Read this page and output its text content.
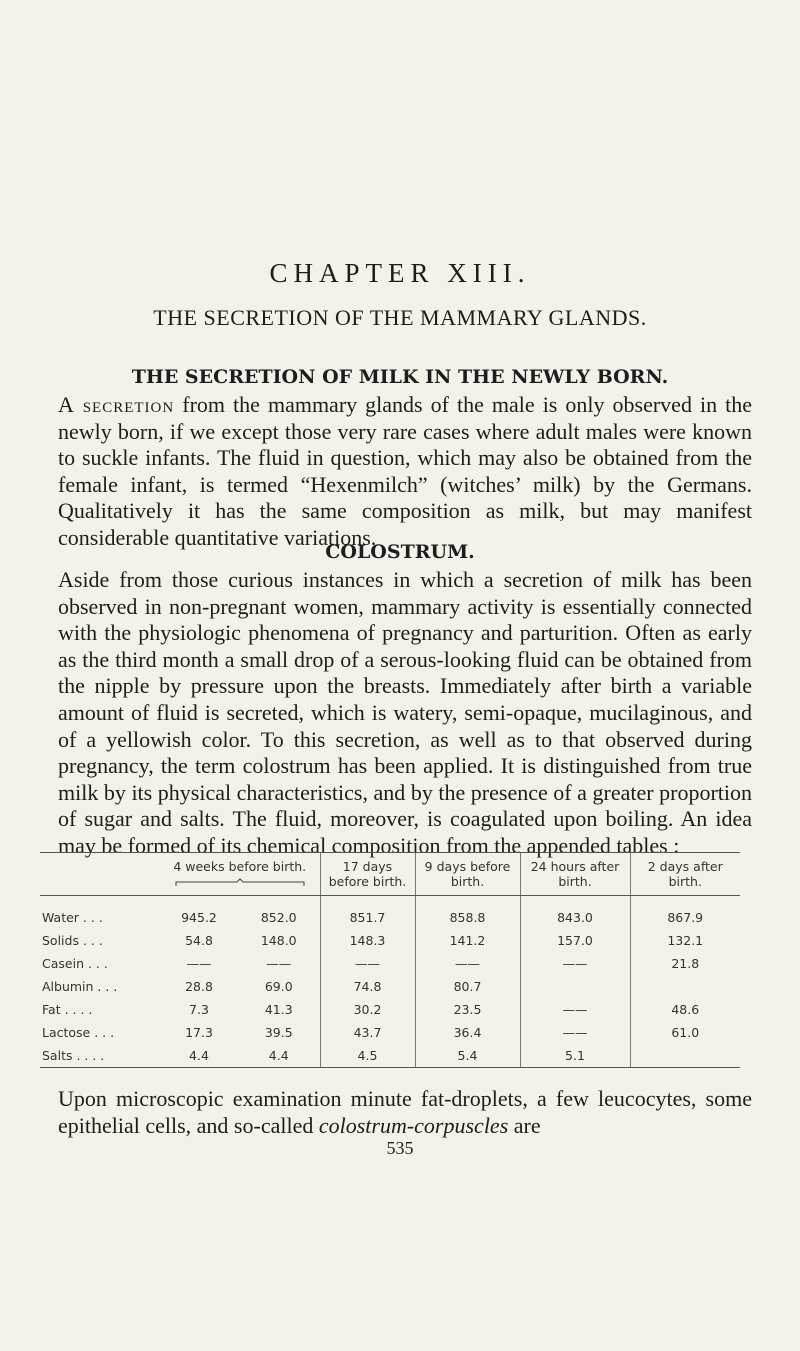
CHAPTER XIII.
THE SECRETION OF THE MAMMARY GLANDS.
THE SECRETION OF MILK IN THE NEWLY BORN.

A secretion from the mammary glands of the male is only observed in the newly born, if we except those very rare cases where adult males were known to suckle infants. The fluid in question, which may also be obtained from the female infant, is termed “Hexenmilch” (witches’ milk) by the Germans. Qualitatively it has the same composition as milk, but may manifest considerable quantitative variations.

COLOSTRUM.

Aside from those curious instances in which a secretion of milk has been observed in non-pregnant women, mammary activity is essentially connected with the physiologic phenomena of pregnancy and parturition. Often as early as the third month a small drop of a serous-looking fluid can be obtained from the nipple by pressure upon the breasts. Immediately after birth a variable amount of fluid is secreted, which is watery, semi-opaque, mucilaginous, and of a yellowish color. To this secretion, as well as to that observed during pregnancy, the term colostrum has been applied. It is distinguished from true milk by its physical characteristics, and by the presence of a greater proportion of sugar and salts. The fluid, moreover, is coagulated upon boiling. An idea may be formed of its chemical composition from the appended tables :

	4 weeks before birth.		17 days before birth.	9 days before birth.	24 hours after birth.	2 days after birth.
Water . . .	945.2	852.0	851.7	858.8	843.0	867.9
Solids . . .	54.8	148.0	148.3	141.2	157.0	132.1
Casein . . .	——	——	——	——	——	21.8
Albumin . . .	28.8	69.0	74.8	80.7		
Fat . . . .	7.3	41.3	30.2	23.5	——	48.6
Lactose . . .	17.3	39.5	43.7	36.4	——	61.0
Salts . . . .	4.4	4.4	4.5	5.4	5.1	

Upon microscopic examination minute fat-droplets, a few leucocytes, some epithelial cells, and so-called colostrum-corpuscles are

535
